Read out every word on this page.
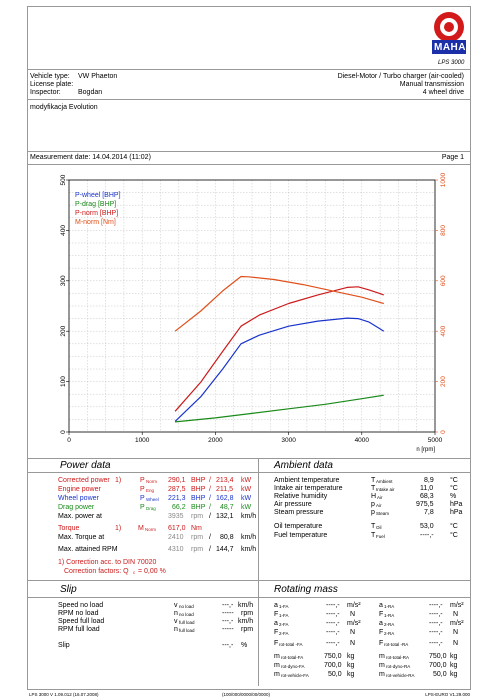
MAHA
LPS 3000
Vehicle type: VW Phaeton
License plate:
Inspector: Bogdan
Diesel-Motor / Turbo charger (air-cooled)
Manual transmission
4 wheel drive
modyfikacja Evolution
Measurement date: 14.04.2014 (11:02)	Page 1
0	1000	2000	3000	4000	5000
0
100
200
300
400
500
0
200
400
600
800
1000
P-wheel [BHP]
P-drag [BHP]
P-norm [BHP]
M-norm [Nm]
n [rpm]
Power data	Ambient data
Corrected power 1)	P Norm 290,1 BHP / 213,4 kW
Engine power	P Eng 287,5 BHP / 211,5 kW
Wheel power	P Wheel 221,3 BHP / 162,8 kW
Drag power	P Drag 66,2 BHP / 48,7 kW
Max. power at	3935 rpm / 132,1 km/h
Torque	1) M Norm 617,0 Nm
Max. Torque at	2410 rpm / 80,8 km/h
Max. attained RPM	4310 rpm / 144,7 km/h
1) Correction acc. to DIN 70020
Correction factors: Q c = 0,00 %
Ambient temperature	T Ambient	8,9 °C
Intake air temperature	T Intake air	11,0 °C
Relative humidity	H Air	68,3 %
Air pressure	p Air	975,5 hPa
Steam pressure	p Steam	7,8 hPa
Oil temperature	T Oil	53,0 °C
Fuel temperature	T Fuel	----,- °C
Slip	Rotating mass
Speed no load	v no load	---,- km/h
RPM no load	n no load	----- rpm
Speed full load	v full load	---,- km/h
RPM full load	n full load	----- rpm
Slip	---,- %
a 1-FA	----,- m/s²	a 1-RA	----,- m/s²
F 1-FA	----,- N	F 1-RA	----,- N
a 2-FA	----,- m/s²	a 2-RA	----,- m/s²
F 2-FA	----,- N	F 2-RA	----,- N
F rot-total -FA	----,- N	F rot-total -RA	----,- N
m rot-total-FA	750,0 kg	m rot-total-RA	750,0 kg
m rot-dyno-FA	700,0 kg	m rot-dyno-RA	700,0 kg
m rot-vehicle-FA	50,0 kg	m rot-vehicle-RA	50,0 kg
LPS 3000 V 1.09.012 (16.07.2008)	(100/000/0000/00/0000)	LPS-EURO V1.29.000
